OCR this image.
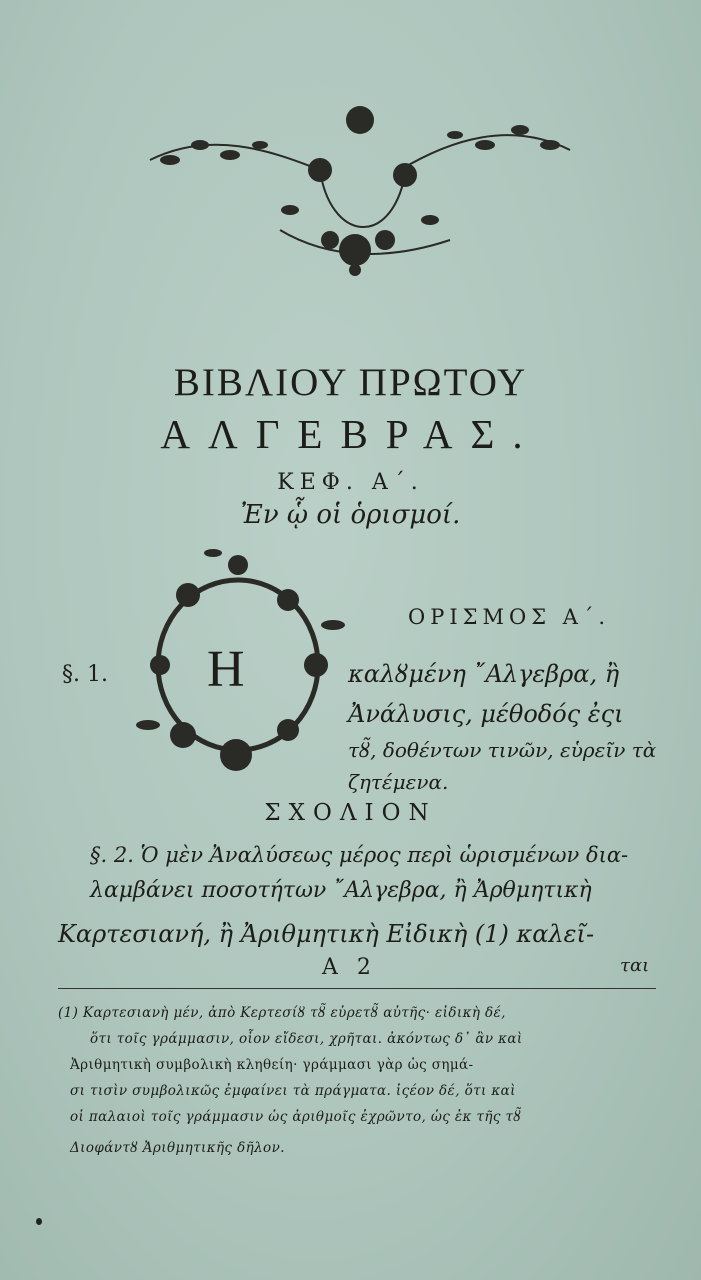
ΒΙΒΛΙΟΥ ΠΡΩΤΟΥ
ΑΛΓΕΒΡΑΣ.
ΚΕΦ. Α΄.
Ἐν ᾧ οἱ ὁρισμοί.
Η
ΟΡΙΣΜΟΣ Α΄.
§. 1.	καλȣμένη ῎Αλγεβρα, ἢ
Ἀνάλυσις, μέθοδός ἐςι
τȣ̃, δοθέντων τινῶν, εὑρεῖν τὰ
ζητέμενα.
ΣΧΟΛΙΟΝ
§. 2. Ὁ μὲν Ἀναλύσεως μέρος περὶ ὡρισμένων δια-
λαμβάνει ποσοτήτων ῎Αλγεβρα, ἢ Ἀρθμητικὴ
Καρτεσιανή, ἢ Ἀριθμητικὴ Εἰδικὴ (1) καλεῖ-
Α 2	ται
(1) Καρτεσιανὴ μέν, ἀπὸ Κερτεσίȣ τȣ̃ εὑρετȣ̃ αὐτῆς· εἰδικὴ δέ,
ὅτι τοῖς γράμμασιν, οἷον εἴδεσι, χρῆται. ἀκόντως δ᾽ ἂν καὶ
Ἀριθμητικὴ συμβολικὴ κληθείη· γράμμασι γὰρ ὡς σημά-
σι τισὶν συμβολικῶς ἐμφαίνει τὰ πράγματα. ἰςέον δέ, ὅτι καὶ
οἱ παλαιοὶ τοῖς γράμμασιν ὡς ἀριθμοῖς ἐχρῶντο, ὡς ἐκ τῆς τȣ̃
Διοφάντȣ Ἀριθμητικῆς δῆλον.
